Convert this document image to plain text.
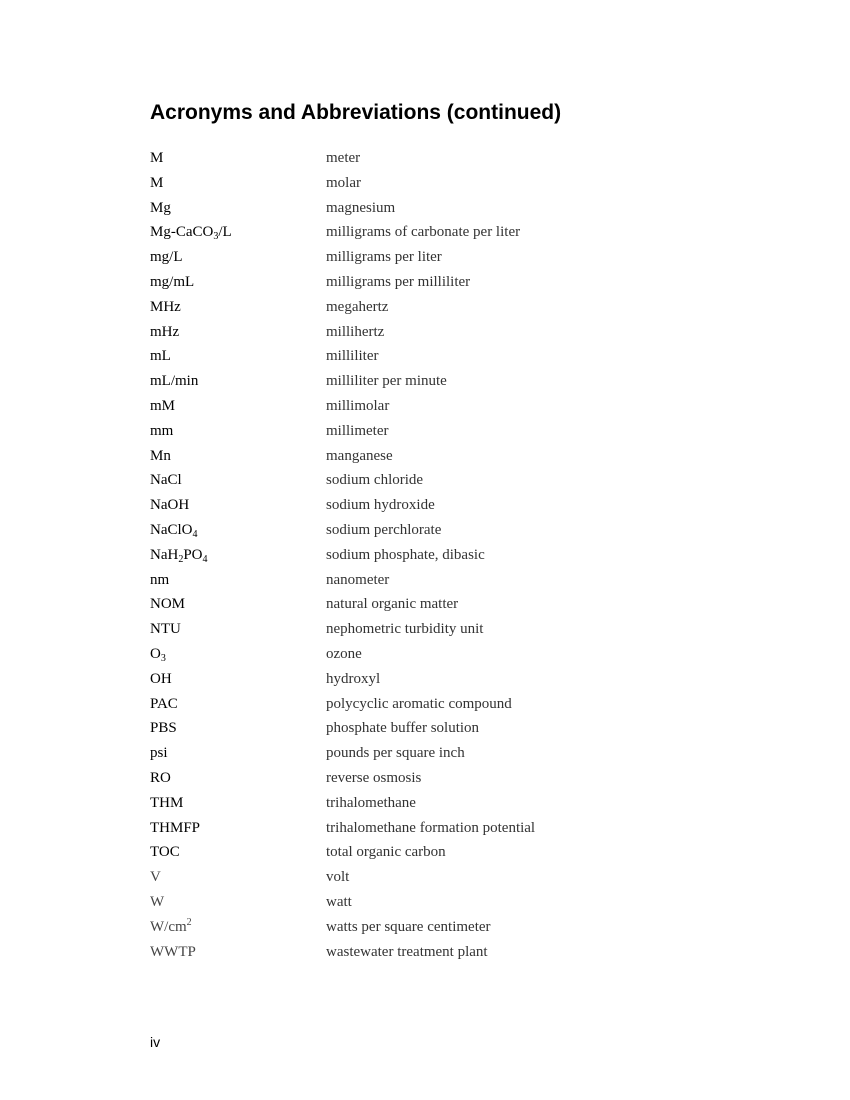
Acronyms and Abbreviations (continued)
M	meter
M	molar
Mg	magnesium
Mg-CaCO$_3$/L	milligrams of carbonate per liter
mg/L	milligrams per liter
mg/mL	milligrams per milliliter
MHz	megahertz
mHz	millihertz
mL	milliliter
mL/min	milliliter per minute
mM	millimolar
mm	millimeter
Mn	manganese
NaCl	sodium chloride
NaOH	sodium hydroxide
NaClO$_4$	sodium perchlorate
$NaH_2PO_4$	sodium phosphate, dibasic
nm	nanometer
NOM	natural organic matter
NTU	nephometric turbidity unit
$O_3$	ozone
OH	hydroxyl
PAC	polycyclic aromatic compound
PBS	phosphate buffer solution
psi	pounds per square inch
RO	reverse osmosis
THM	trihalomethane
THMFP	trihalomethane formation potential
TOC	total organic carbon
V	volt
W	watt
$W/cm^2$	watts per square centimeter
WWTP	wastewater treatment plant
iv
